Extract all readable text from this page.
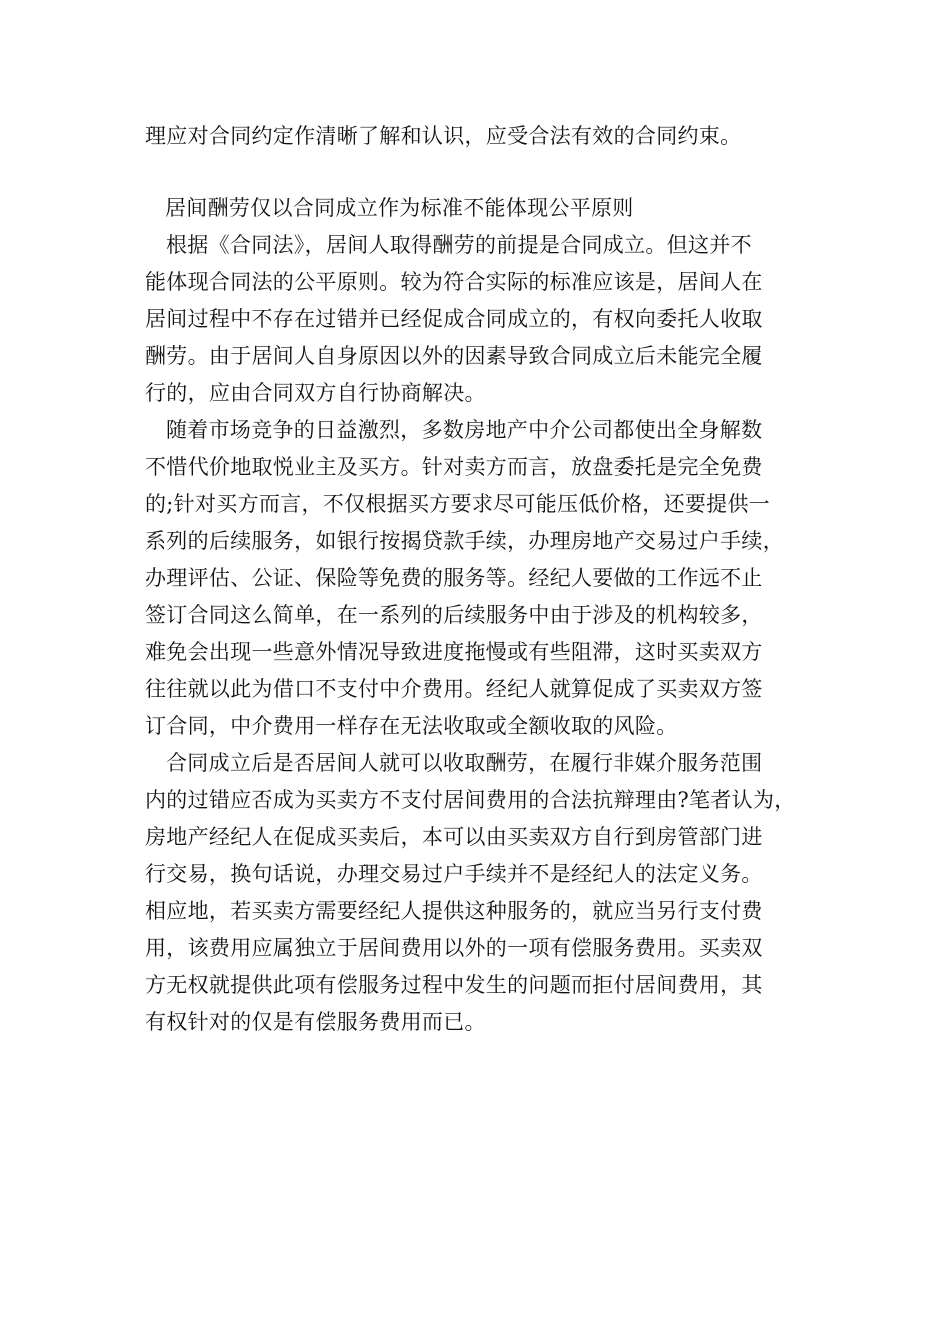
理应对合同约定作清晰了解和认识，应受合法有效的合同约束。
居间酬劳仅以合同成立作为标准不能体现公平原则
根据《合同法》，居间人取得酬劳的前提是合同成立。但这并不
能体现合同法的公平原则。较为符合实际的标准应该是，居间人在
居间过程中不存在过错并已经促成合同成立的，有权向委托人收取
酬劳。由于居间人自身原因以外的因素导致合同成立后未能完全履
行的，应由合同双方自行协商解决。
随着市场竞争的日益激烈，多数房地产中介公司都使出全身解数
不惜代价地取悦业主及买方。针对卖方而言，放盘委托是完全免费
的;针对买方而言，不仅根据买方要求尽可能压低价格，还要提供一
系列的后续服务，如银行按揭贷款手续，办理房地产交易过户手续，
办理评估、公证、保险等免费的服务等。经纪人要做的工作远不止
签订合同这么简单，在一系列的后续服务中由于涉及的机构较多，
难免会出现一些意外情况导致进度拖慢或有些阻滞，这时买卖双方
往往就以此为借口不支付中介费用。经纪人就算促成了买卖双方签
订合同，中介费用一样存在无法收取或全额收取的风险。
合同成立后是否居间人就可以收取酬劳，在履行非媒介服务范围
内的过错应否成为买卖方不支付居间费用的合法抗辩理由?笔者认为，
房地产经纪人在促成买卖后，本可以由买卖双方自行到房管部门进
行交易，换句话说，办理交易过户手续并不是经纪人的法定义务。
相应地，若买卖方需要经纪人提供这种服务的，就应当另行支付费
用，该费用应属独立于居间费用以外的一项有偿服务费用。买卖双
方无权就提供此项有偿服务过程中发生的问题而拒付居间费用，其
有权针对的仅是有偿服务费用而已。
